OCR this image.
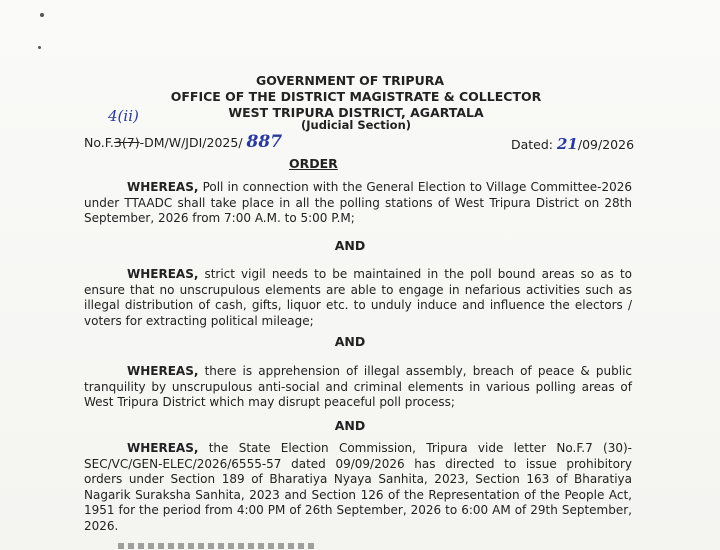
GOVERNMENT OF TRIPURA
OFFICE OF THE DISTRICT MAGISTRATE & COLLECTOR
WEST TRIPURA DISTRICT, AGARTALA
(Judicial Section)
4(ii)
No.F.3(7)-DM/W/JDI/2025/ 887	Dated: 21/09/2026
ORDER
WHEREAS, Poll in connection with the General Election to Village Committee-2026 under TTAADC shall take place in all the polling stations of West Tripura District on 28th September, 2026 from 7:00 A.M. to 5:00 P.M;
AND
WHEREAS, strict vigil needs to be maintained in the poll bound areas so as to ensure that no unscrupulous elements are able to engage in nefarious activities such as illegal distribution of cash, gifts, liquor etc. to unduly induce and influence the electors / voters for extracting political mileage;
AND
WHEREAS, there is apprehension of illegal assembly, breach of peace & public tranquility by unscrupulous anti-social and criminal elements in various polling areas of West Tripura District which may disrupt peaceful poll process;
AND
WHEREAS, the State Election Commission, Tripura vide letter No.F.7 (30)-SEC/VC/GEN-ELEC/2026/6555-57 dated 09/09/2026 has directed to issue prohibitory orders under Section 189 of Bharatiya Nyaya Sanhita, 2023, Section 163 of Bharatiya Nagarik Suraksha Sanhita, 2023 and Section 126 of the Representation of the People Act, 1951 for the period from 4:00 PM of 26th September, 2026 to 6:00 AM of 29th September, 2026.
